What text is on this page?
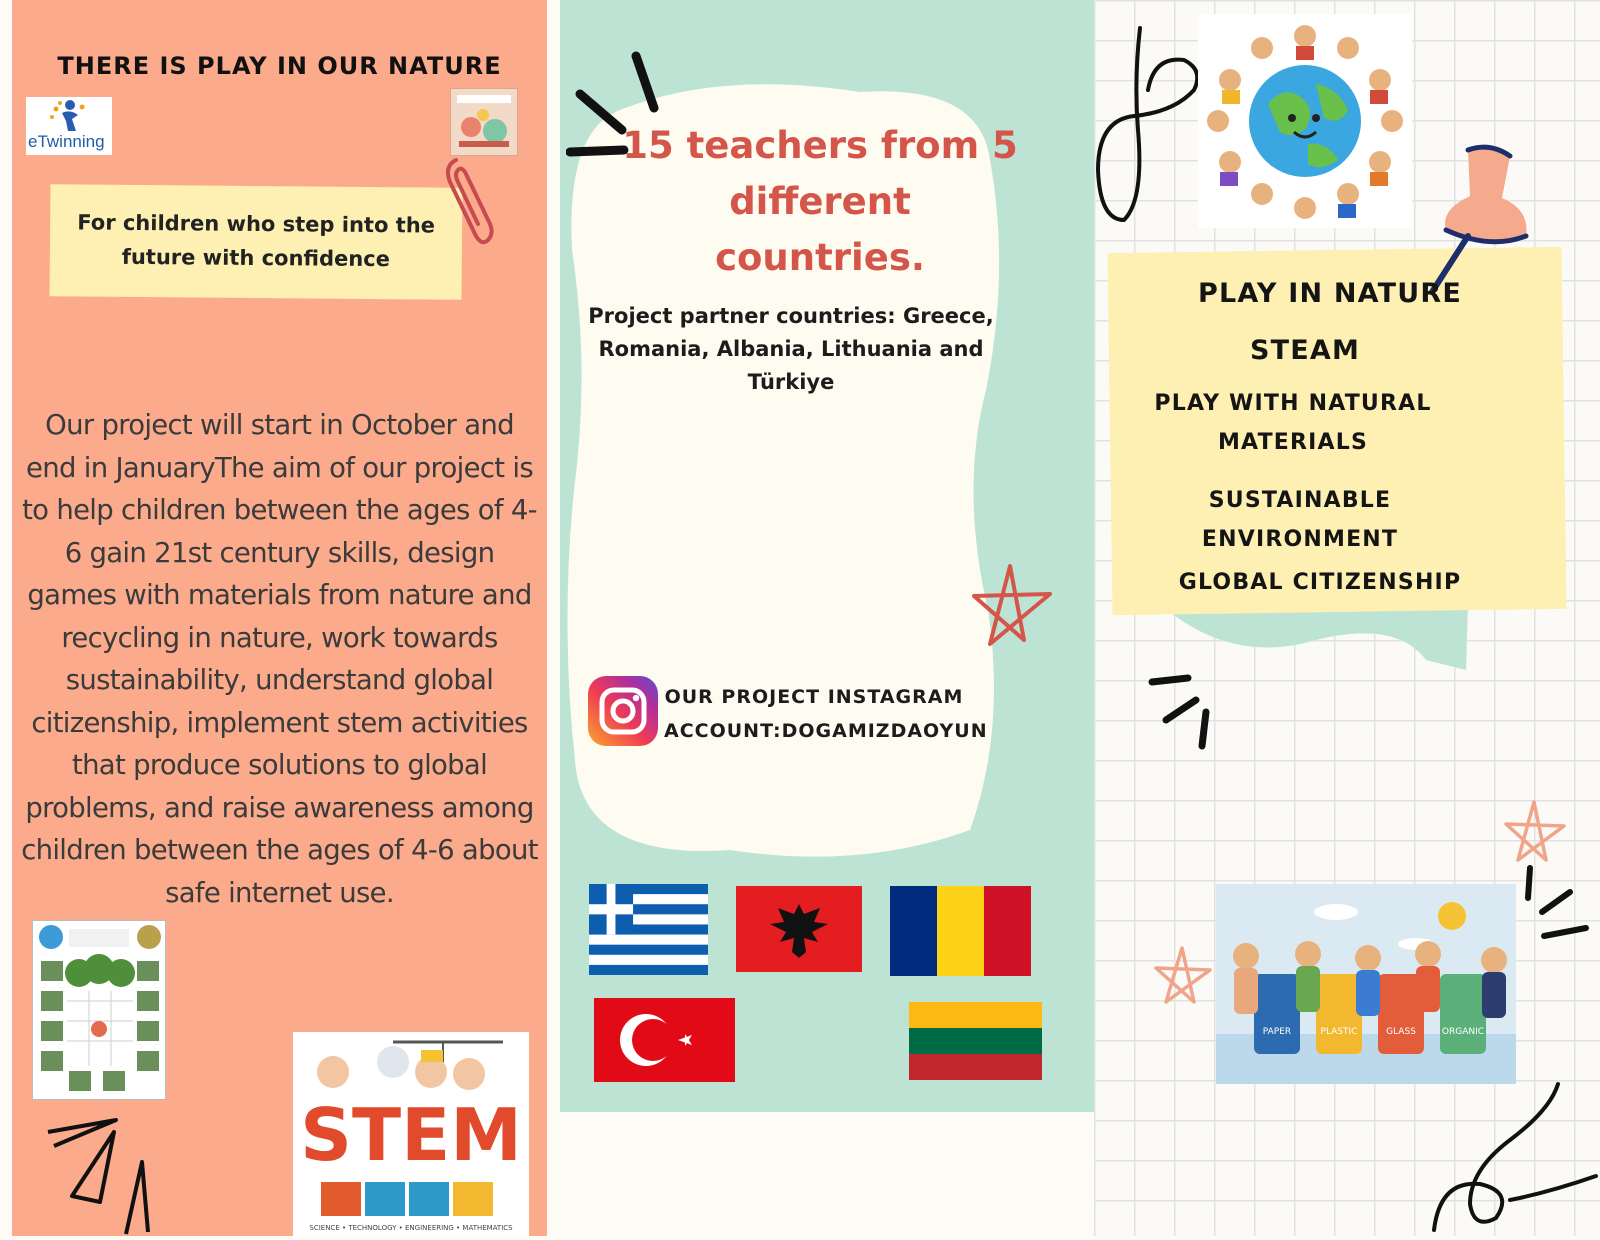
THERE IS PLAY IN OUR NATURE
eTwinning
For children who step into the future with confidence
Our project will start in October and end in JanuaryThe aim of our project is to help children between the ages of 4-6 gain 21st century skills, design games with materials from nature and recycling in nature, work towards sustainability, understand global citizenship, implement stem activities that produce solutions to global problems, and raise awareness among children between the ages of 4-6 about safe internet use.
STEM
SCIENCE • TECHNOLOGY • ENGINEERING • MATHEMATICS
15 teachers from 5 different countries.
Project partner countries: Greece, Romania, Albania, Lithuania and Türkiye
OUR PROJECT INSTAGRAM ACCOUNT:DOGAMIZDAOYUN
PLAY IN NATURE
STEAM
PLAY WITH NATURAL MATERIALS
SUSTAINABLE ENVIRONMENT
GLOBAL CITIZENSHIP
PAPER	PLASTIC	GLASS	ORGANIC
